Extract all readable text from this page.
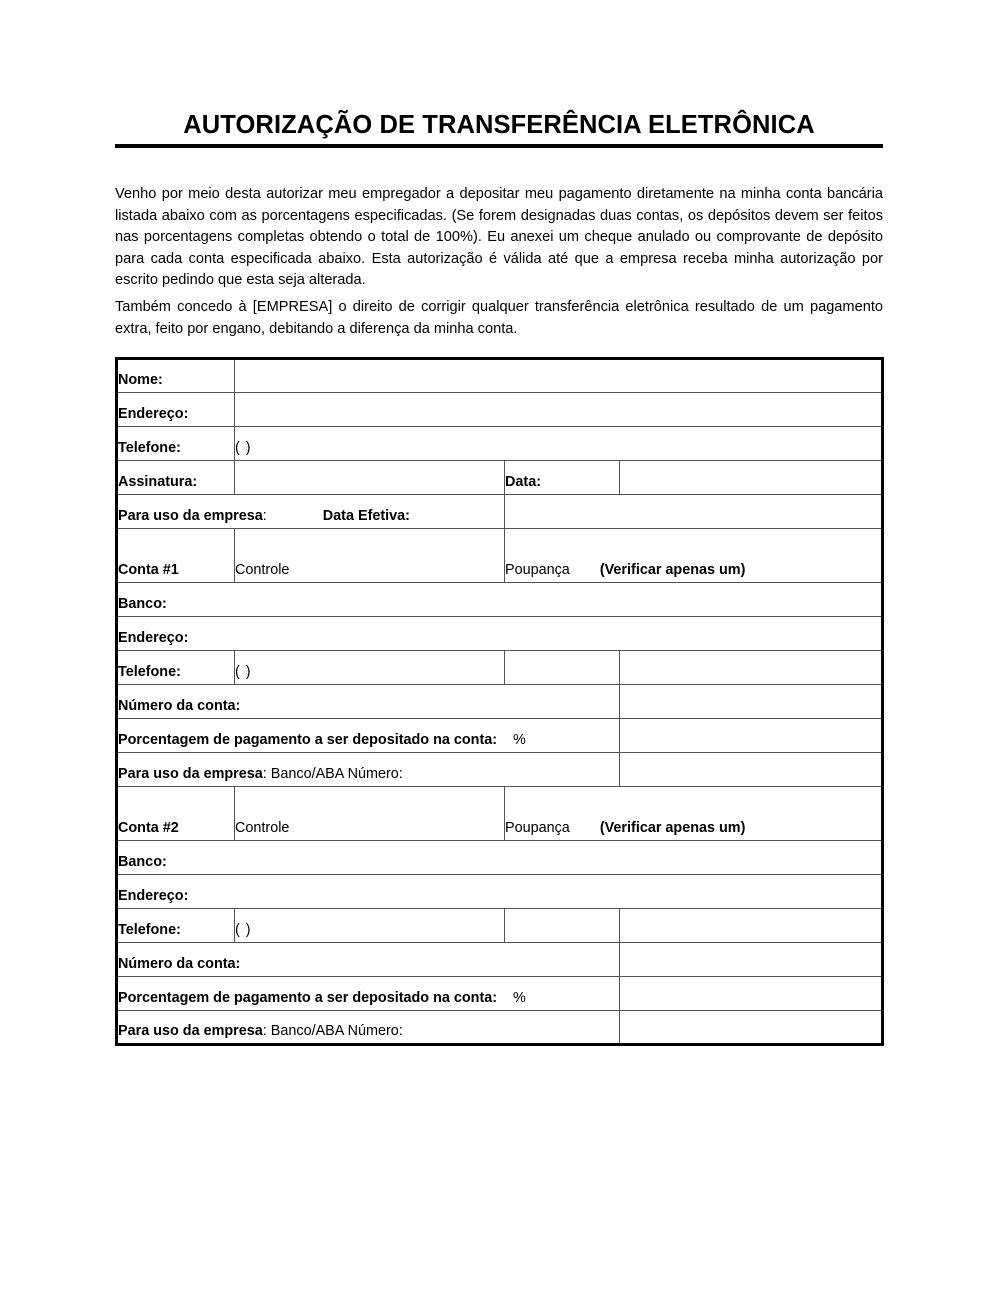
AUTORIZAÇÃO DE TRANSFERÊNCIA ELETRÔNICA

Venho por meio desta autorizar meu empregador a depositar meu pagamento diretamente na minha conta bancária listada abaixo com as porcentagens especificadas. (Se forem designadas duas contas, os depósitos devem ser feitos nas porcentagens completas obtendo o total de 100%). Eu anexei um cheque anulado ou comprovante de depósito para cada conta especificada abaixo. Esta autorização é válida até que a empresa receba minha autorização por escrito pedindo que esta seja alterada.

Também concedo à [EMPRESA] o direito de corrigir qualquer transferência eletrônica resultado de um pagamento extra, feito por engano, debitando a diferença da minha conta.

Nome:			
Endereço:			
Telefone:	( )		
Assinatura:		Data:	
Para uso da empresa: Data Efetiva:			
Conta #1	Controle	Poupança (Verificar apenas um)	
Banco:			
Endereço:			
Telefone:	( )		
Número da conta:			
Porcentagem de pagamento a ser depositado na conta: %			
Para uso da empresa: Banco/ABA Número:			
Conta #2	Controle	Poupança (Verificar apenas um)	
Banco:			
Endereço:			
Telefone:	( )		
Número da conta:			
Porcentagem de pagamento a ser depositado na conta: %			
Para uso da empresa: Banco/ABA Número:			
